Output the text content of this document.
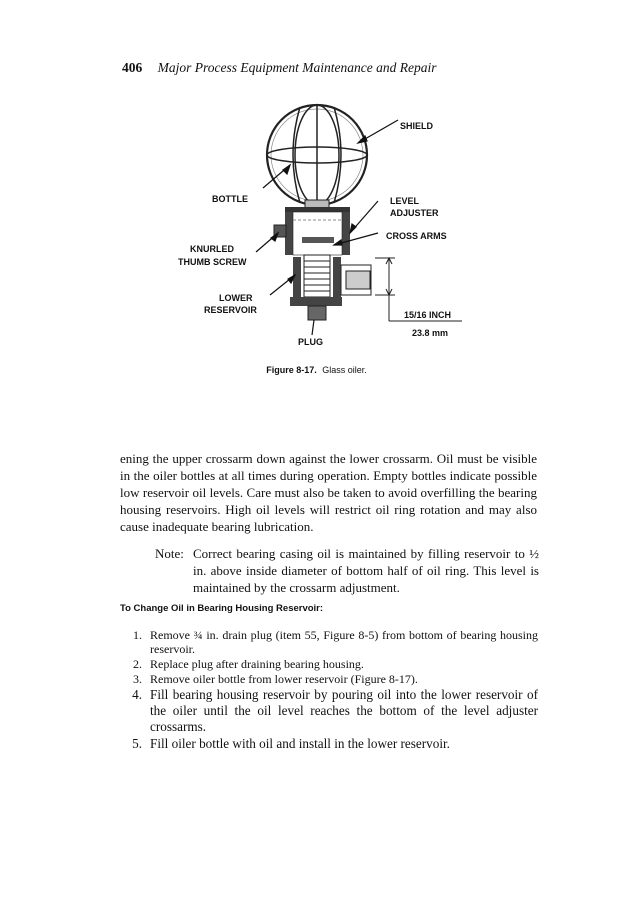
406 Major Process Equipment Maintenance and Repair
SHIELD
BOTTLE	LEVEL
ADJUSTER
CROSS ARMS
KNURLED
THUMB SCREW
LOWER
RESERVOIR
PLUG
15/16 INCH
23.8 mm
Figure 8-17. Glass oiler.

ening the upper crossarm down against the lower crossarm. Oil must be visible in the oiler bottles at all times during operation. Empty bottles indicate possible low reservoir oil levels. Care must also be taken to avoid overfilling the bearing housing reservoirs. High oil levels will restrict oil ring rotation and may also cause inadequate bearing lubrication.

Note: Correct bearing casing oil is maintained by filling reservoir to ½ in. above inside diameter of bottom half of oil ring. This level is maintained by the crossarm adjustment.
To Change Oil in Bearing Housing Reservoir:
1. Remove ¾ in. drain plug (item 55, Figure 8-5) from bottom of bearing housing reservoir.
2. Replace plug after draining bearing housing.
3. Remove oiler bottle from lower reservoir (Figure 8-17).
4. Fill bearing housing reservoir by pouring oil into the lower reservoir of the oiler until the oil level reaches the bottom of the level adjuster crossarms.
5. Fill oiler bottle with oil and install in the lower reservoir.
